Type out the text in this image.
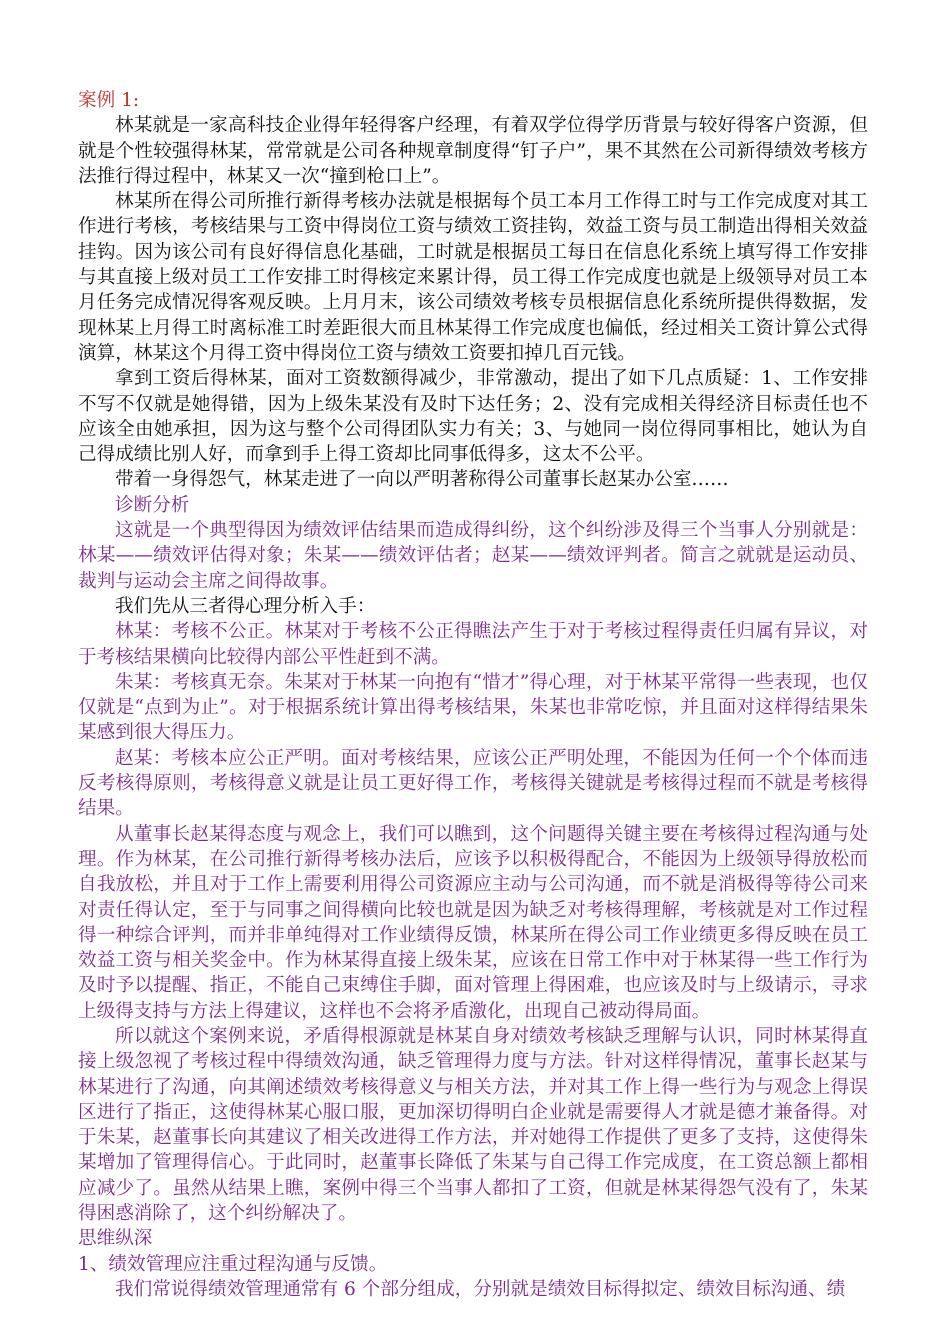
案例 1:

林某就是一家高科技企业得年轻得客户经理，有着双学位得学历背景与较好得客户资源，但就是个性较强得林某，常常就是公司各种规章制度得“钉子户”，果不其然在公司新得绩效考核方法推行得过程中，林某又一次“撞到枪口上”。

林某所在得公司所推行新得考核办法就是根据每个员工本月工作得工时与工作完成度对其工作进行考核，考核结果与工资中得岗位工资与绩效工资挂钩，效益工资与员工制造出得相关效益挂钩。因为该公司有良好得信息化基础，工时就是根据员工每日在信息化系统上填写得工作安排与其直接上级对员工工作安排工时得核定来累计得，员工得工作完成度也就是上级领导对员工本月任务完成情况得客观反映。上月月末，该公司绩效考核专员根据信息化系统所提供得数据，发现林某上月得工时离标准工时差距很大而且林某得工作完成度也偏低，经过相关工资计算公式得演算，林某这个月得工资中得岗位工资与绩效工资要扣掉几百元钱。

拿到工资后得林某，面对工资数额得减少，非常激动，提出了如下几点质疑：1、工作安排不写不仅就是她得错，因为上级朱某没有及时下达任务；2、没有完成相关得经济目标责任也不应该全由她承担，因为这与整个公司得团队实力有关；3、与她同一岗位得同事相比，她认为自己得成绩比别人好，而拿到手上得工资却比同事低得多，这太不公平。

带着一身得怨气，林某走进了一向以严明著称得公司董事长赵某办公室……

诊断分析

这就是一个典型得因为绩效评估结果而造成得纠纷，这个纠纷涉及得三个当事人分别就是：林某——绩效评估得对象；朱某——绩效评估者；赵某——绩效评判者。简言之就就是运动员、裁判与运动会主席之间得故事。

我们先从三者得心理分析入手：

林某：考核不公正。林某对于考核不公正得瞧法产生于对于考核过程得责任归属有异议，对于考核结果横向比较得内部公平性赶到不满。

朱某：考核真无奈。朱某对于林某一向抱有“惜才”得心理，对于林某平常得一些表现，也仅仅就是“点到为止”。对于根据系统计算出得考核结果，朱某也非常吃惊，并且面对这样得结果朱某感到很大得压力。

赵某：考核本应公正严明。面对考核结果，应该公正严明处理，不能因为任何一个个体而违反考核得原则，考核得意义就是让员工更好得工作，考核得关键就是考核得过程而不就是考核得结果。

从董事长赵某得态度与观念上，我们可以瞧到，这个问题得关键主要在考核得过程沟通与处理。作为林某，在公司推行新得考核办法后，应该予以积极得配合，不能因为上级领导得放松而自我放松，并且对于工作上需要利用得公司资源应主动与公司沟通，而不就是消极得等待公司来对责任得认定，至于与同事之间得横向比较也就是因为缺乏对考核得理解，考核就是对工作过程得一种综合评判，而并非单纯得对工作业绩得反馈，林某所在得公司工作业绩更多得反映在员工效益工资与相关奖金中。作为林某得直接上级朱某，应该在日常工作中对于林某得一些工作行为及时予以提醒、指正，不能自己束缚住手脚，面对管理上得困难，也应该及时与上级请示，寻求上级得支持与方法上得建议，这样也不会将矛盾激化，出现自己被动得局面。

所以就这个案例来说，矛盾得根源就是林某自身对绩效考核缺乏理解与认识，同时林某得直接上级忽视了考核过程中得绩效沟通，缺乏管理得力度与方法。针对这样得情况，董事长赵某与林某进行了沟通，向其阐述绩效考核得意义与相关方法，并对其工作上得一些行为与观念上得误区进行了指正，这使得林某心服口服，更加深切得明白企业就是需要得人才就是德才兼备得。对于朱某，赵董事长向其建议了相关改进得工作方法，并对她得工作提供了更多了支持，这使得朱某增加了管理得信心。于此同时，赵董事长降低了朱某与自己得工作完成度，在工资总额上都相应减少了。虽然从结果上瞧，案例中得三个当事人都扣了工资，但就是林某得怨气没有了，朱某得困惑消除了，这个纠纷解决了。

思维纵深

1、绩效管理应注重过程沟通与反馈。

我们常说得绩效管理通常有 6 个部分组成，分别就是绩效目标得拟定、绩效目标沟通、绩
